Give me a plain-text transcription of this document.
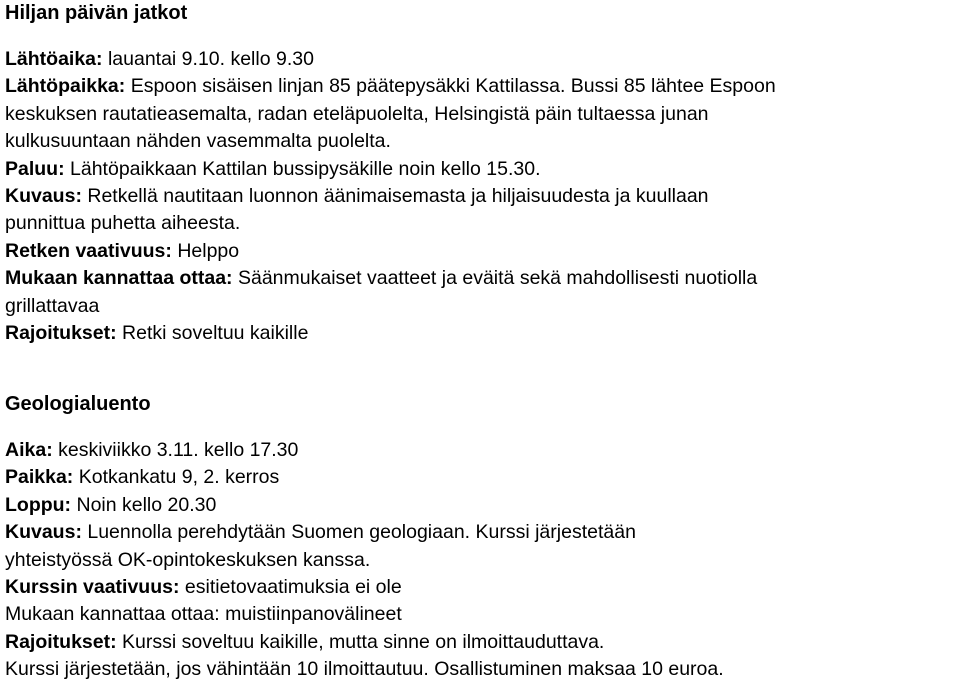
Hiljan päivän jatkot
Lähtöaika: lauantai 9.10. kello 9.30
Lähtöpaikka: Espoon sisäisen linjan 85 päätepysäkki Kattilassa. Bussi 85 lähtee Espoon
keskuksen rautatieasemalta, radan eteläpuolelta, Helsingistä päin tultaessa junan
kulkusuuntaan nähden vasemmalta puolelta.
Paluu: Lähtöpaikkaan Kattilan bussipysäkille noin kello 15.30.
Kuvaus: Retkellä nautitaan luonnon äänimaisemasta ja hiljaisuudesta ja kuullaan
punnittua puhetta aiheesta.
Retken vaativuus: Helppo
Mukaan kannattaa ottaa: Säänmukaiset vaatteet ja eväitä sekä mahdollisesti nuotiolla
grillattavaa
Rajoitukset: Retki soveltuu kaikille
Geologialuento
Aika: keskiviikko 3.11. kello 17.30
Paikka: Kotkankatu 9, 2. kerros
Loppu: Noin kello 20.30
Kuvaus: Luennolla perehdytään Suomen geologiaan. Kurssi järjestetään
yhteistyössä OK-opintokeskuksen kanssa.
Kurssin vaativuus: esitietovaatimuksia ei ole
Mukaan kannattaa ottaa: muistiinpanovälineet
Rajoitukset: Kurssi soveltuu kaikille, mutta sinne on ilmoittauduttava.
Kurssi järjestetään, jos vähintään 10 ilmoittautuu. Osallistuminen maksaa 10 euroa.
